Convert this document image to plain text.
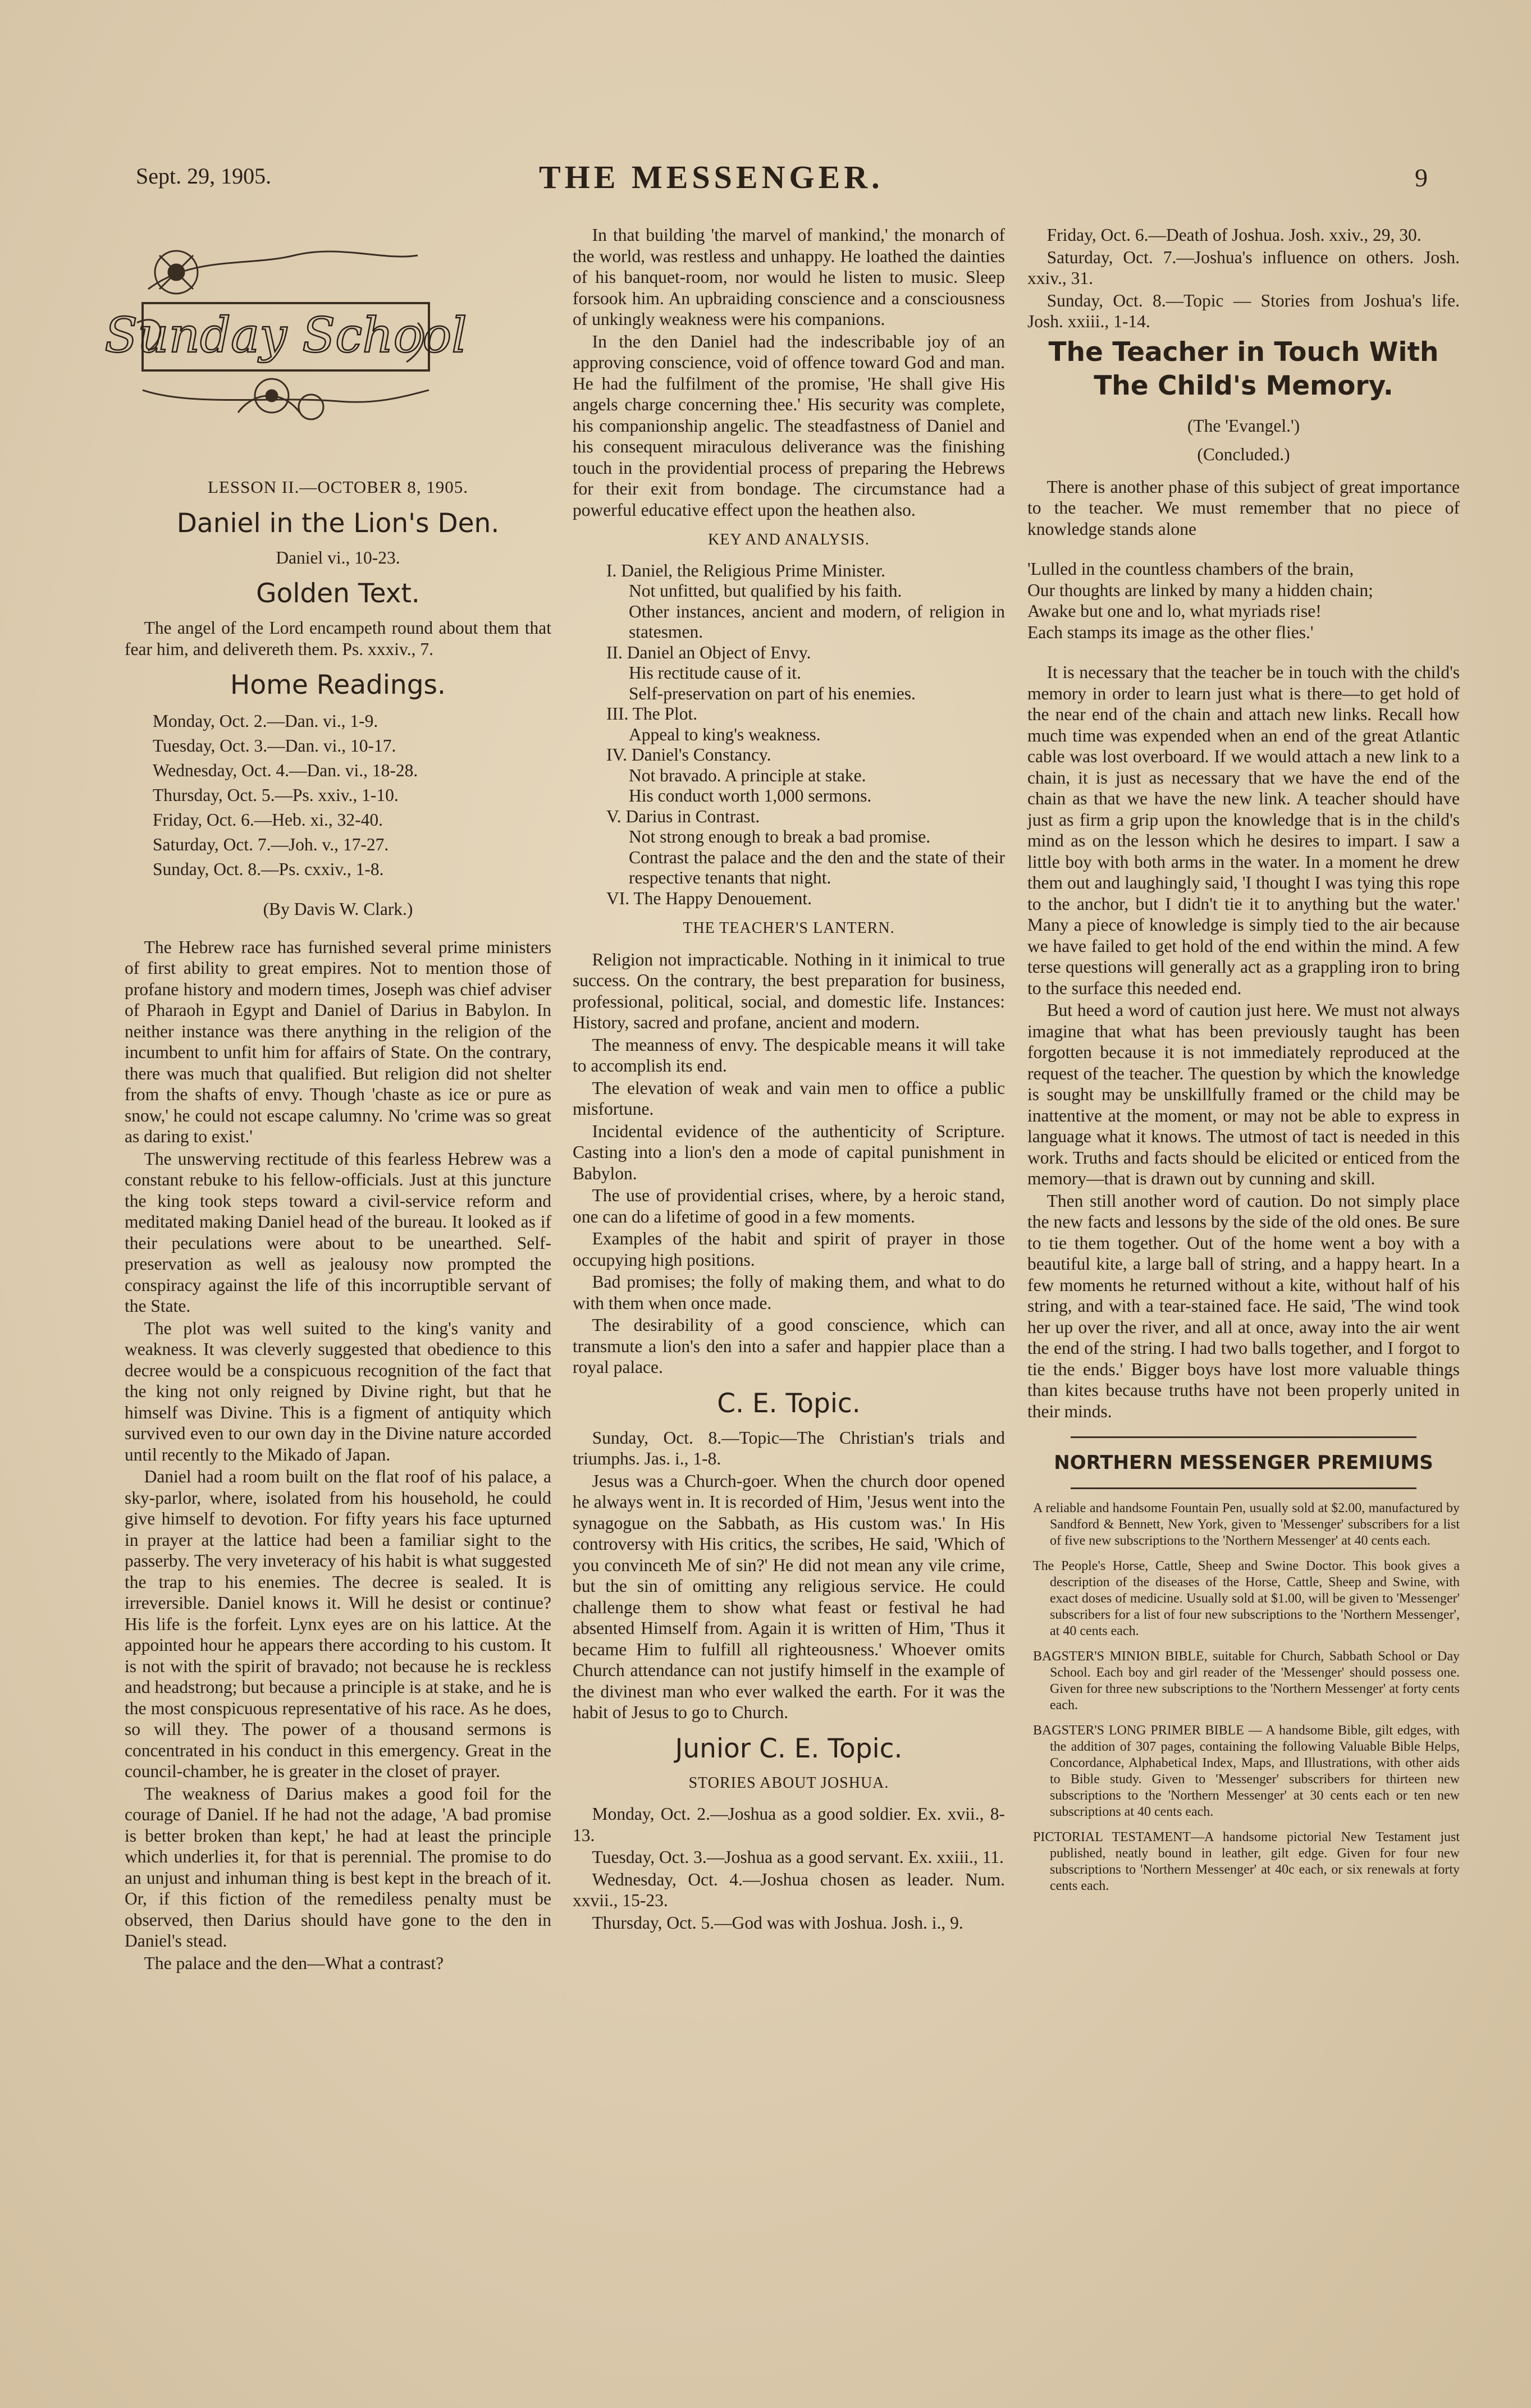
Sept. 29, 1905.	THE MESSENGER.	9
Sunday School
LESSON II.—OCTOBER 8, 1905.
Daniel in the Lion's Den.
Daniel vi., 10-23.
Golden Text.

The angel of the Lord encampeth round about them that fear him, and delivereth them. Ps. xxxiv., 7.

Home Readings.
Monday, Oct. 2.—Dan. vi., 1-9.
Tuesday, Oct. 3.—Dan. vi., 10-17.
Wednesday, Oct. 4.—Dan. vi., 18-28.
Thursday, Oct. 5.—Ps. xxiv., 1-10.
Friday, Oct. 6.—Heb. xi., 32-40.
Saturday, Oct. 7.—Joh. v., 17-27.
Sunday, Oct. 8.—Ps. cxxiv., 1-8.
(By Davis W. Clark.)

The Hebrew race has furnished several prime ministers of first ability to great empires. Not to mention those of profane history and modern times, Joseph was chief adviser of Pharaoh in Egypt and Daniel of Darius in Babylon. In neither instance was there anything in the religion of the incumbent to unfit him for affairs of State. On the contrary, there was much that qualified. But religion did not shelter from the shafts of envy. Though 'chaste as ice or pure as snow,' he could not escape calumny. No 'crime was so great as daring to exist.'

The unswerving rectitude of this fearless Hebrew was a constant rebuke to his fellow-officials. Just at this juncture the king took steps toward a civil-service reform and meditated making Daniel head of the bureau. It looked as if their peculations were about to be unearthed. Self-preservation as well as jealousy now prompted the conspiracy against the life of this incorruptible servant of the State.

The plot was well suited to the king's vanity and weakness. It was cleverly suggested that obedience to this decree would be a conspicuous recognition of the fact that the king not only reigned by Divine right, but that he himself was Divine. This is a figment of antiquity which survived even to our own day in the Divine nature accorded until recently to the Mikado of Japan.

Daniel had a room built on the flat roof of his palace, a sky-parlor, where, isolated from his household, he could give himself to devotion. For fifty years his face upturned in prayer at the lattice had been a familiar sight to the passerby. The very inveteracy of his habit is what suggested the trap to his enemies. The decree is sealed. It is irreversible. Daniel knows it. Will he desist or continue? His life is the forfeit. Lynx eyes are on his lattice. At the appointed hour he appears there according to his custom. It is not with the spirit of bravado; not because he is reckless and headstrong; but because a principle is at stake, and he is the most conspicuous representative of his race. As he does, so will they. The power of a thousand sermons is concentrated in his conduct in this emergency. Great in the council-chamber, he is greater in the closet of prayer.

The weakness of Darius makes a good foil for the courage of Daniel. If he had not the adage, 'A bad promise is better broken than kept,' he had at least the principle which underlies it, for that is perennial. The promise to do an unjust and inhuman thing is best kept in the breach of it. Or, if this fiction of the remediless penalty must be observed, then Darius should have gone to the den in Daniel's stead.

The palace and the den—What a contrast?

In that building 'the marvel of mankind,' the monarch of the world, was restless and unhappy. He loathed the dainties of his banquet-room, nor would he listen to music. Sleep forsook him. An upbraiding conscience and a consciousness of unkingly weakness were his companions.

In the den Daniel had the indescribable joy of an approving conscience, void of offence toward God and man. He had the fulfilment of the promise, 'He shall give His angels charge concerning thee.' His security was complete, his companionship angelic. The steadfastness of Daniel and his consequent miraculous deliverance was the finishing touch in the providential process of preparing the Hebrews for their exit from bondage. The circumstance had a powerful educative effect upon the heathen also.

KEY AND ANALYSIS.
I. Daniel, the Religious Prime Minister.
Not unfitted, but qualified by his faith.
Other instances, ancient and modern, of religion in statesmen.
II. Daniel an Object of Envy.
His rectitude cause of it.
Self-preservation on part of his enemies.
III. The Plot.
Appeal to king's weakness.
IV. Daniel's Constancy.
Not bravado. A principle at stake.
His conduct worth 1,000 sermons.
V. Darius in Contrast.
Not strong enough to break a bad promise.
Contrast the palace and the den and the state of their respective tenants that night.
VI. The Happy Denouement.
THE TEACHER'S LANTERN.

Religion not impracticable. Nothing in it inimical to true success. On the contrary, the best preparation for business, professional, political, social, and domestic life. Instances: History, sacred and profane, ancient and modern.

The meanness of envy. The despicable means it will take to accomplish its end.

The elevation of weak and vain men to office a public misfortune.

Incidental evidence of the authenticity of Scripture. Casting into a lion's den a mode of capital punishment in Babylon.

The use of providential crises, where, by a heroic stand, one can do a lifetime of good in a few moments.

Examples of the habit and spirit of prayer in those occupying high positions.

Bad promises; the folly of making them, and what to do with them when once made.

The desirability of a good conscience, which can transmute a lion's den into a safer and happier place than a royal palace.

C. E. Topic.

Sunday, Oct. 8.—Topic—The Christian's trials and triumphs. Jas. i., 1-8.

Jesus was a Church-goer. When the church door opened he always went in. It is recorded of Him, 'Jesus went into the synagogue on the Sabbath, as His custom was.' In His controversy with His critics, the scribes, He said, 'Which of you convinceth Me of sin?' He did not mean any vile crime, but the sin of omitting any religious service. He could challenge them to show what feast or festival he had absented Himself from. Again it is written of Him, 'Thus it became Him to fulfill all righteousness.' Whoever omits Church attendance can not justify himself in the example of the divinest man who ever walked the earth. For it was the habit of Jesus to go to Church.

Junior C. E. Topic.
STORIES ABOUT JOSHUA.

Monday, Oct. 2.—Joshua as a good soldier. Ex. xvii., 8-13.

Tuesday, Oct. 3.—Joshua as a good servant. Ex. xxiii., 11.

Wednesday, Oct. 4.—Joshua chosen as leader. Num. xxvii., 15-23.

Thursday, Oct. 5.—God was with Joshua. Josh. i., 9.

Friday, Oct. 6.—Death of Joshua. Josh. xxiv., 29, 30.

Saturday, Oct. 7.—Joshua's influence on others. Josh. xxiv., 31.

Sunday, Oct. 8.—Topic — Stories from Joshua's life. Josh. xxiii., 1-14.

The Teacher in Touch With The Child's Memory.
(The 'Evangel.')
(Concluded.)

There is another phase of this subject of great importance to the teacher. We must remember that no piece of knowledge stands alone

'Lulled in the countless chambers of the brain,
Our thoughts are linked by many a hidden chain;
Awake but one and lo, what myriads rise!
Each stamps its image as the other flies.'

It is necessary that the teacher be in touch with the child's memory in order to learn just what is there—to get hold of the near end of the chain and attach new links. Recall how much time was expended when an end of the great Atlantic cable was lost overboard. If we would attach a new link to a chain, it is just as necessary that we have the end of the chain as that we have the new link. A teacher should have just as firm a grip upon the knowledge that is in the child's mind as on the lesson which he desires to impart. I saw a little boy with both arms in the water. In a moment he drew them out and laughingly said, 'I thought I was tying this rope to the anchor, but I didn't tie it to anything but the water.' Many a piece of knowledge is simply tied to the air because we have failed to get hold of the end within the mind. A few terse questions will generally act as a grappling iron to bring to the surface this needed end.

But heed a word of caution just here. We must not always imagine that what has been previously taught has been forgotten because it is not immediately reproduced at the request of the teacher. The question by which the knowledge is sought may be unskillfully framed or the child may be inattentive at the moment, or may not be able to express in language what it knows. The utmost of tact is needed in this work. Truths and facts should be elicited or enticed from the memory—that is drawn out by cunning and skill.

Then still another word of caution. Do not simply place the new facts and lessons by the side of the old ones. Be sure to tie them together. Out of the home went a boy with a beautiful kite, a large ball of string, and a happy heart. In a few moments he returned without a kite, without half of his string, and with a tear-stained face. He said, 'The wind took her up over the river, and all at once, away into the air went the end of the string. I had two balls together, and I forgot to tie the ends.' Bigger boys have lost more valuable things than kites because truths have not been properly united in their minds.

NORTHERN MESSENGER PREMIUMS

A reliable and handsome Fountain Pen, usually sold at $2.00, manufactured by Sandford & Bennett, New York, given to 'Messenger' subscribers for a list of five new subscriptions to the 'Northern Messenger' at 40 cents each.

The People's Horse, Cattle, Sheep and Swine Doctor. This book gives a description of the diseases of the Horse, Cattle, Sheep and Swine, with exact doses of medicine. Usually sold at $1.00, will be given to 'Messenger' subscribers for a list of four new subscriptions to the 'Northern Messenger', at 40 cents each.

BAGSTER'S MINION BIBLE, suitable for Church, Sabbath School or Day School. Each boy and girl reader of the 'Messenger' should possess one. Given for three new subscriptions to the 'Northern Messenger' at forty cents each.

BAGSTER'S LONG PRIMER BIBLE — A handsome Bible, gilt edges, with the addition of 307 pages, containing the following Valuable Bible Helps, Concordance, Alphabetical Index, Maps, and Illustrations, with other aids to Bible study. Given to 'Messenger' subscribers for thirteen new subscriptions to the 'Northern Messenger' at 30 cents each or ten new subscriptions at 40 cents each.

PICTORIAL TESTAMENT—A handsome pictorial New Testament just published, neatly bound in leather, gilt edge. Given for four new subscriptions to 'Northern Messenger' at 40c each, or six renewals at forty cents each.
